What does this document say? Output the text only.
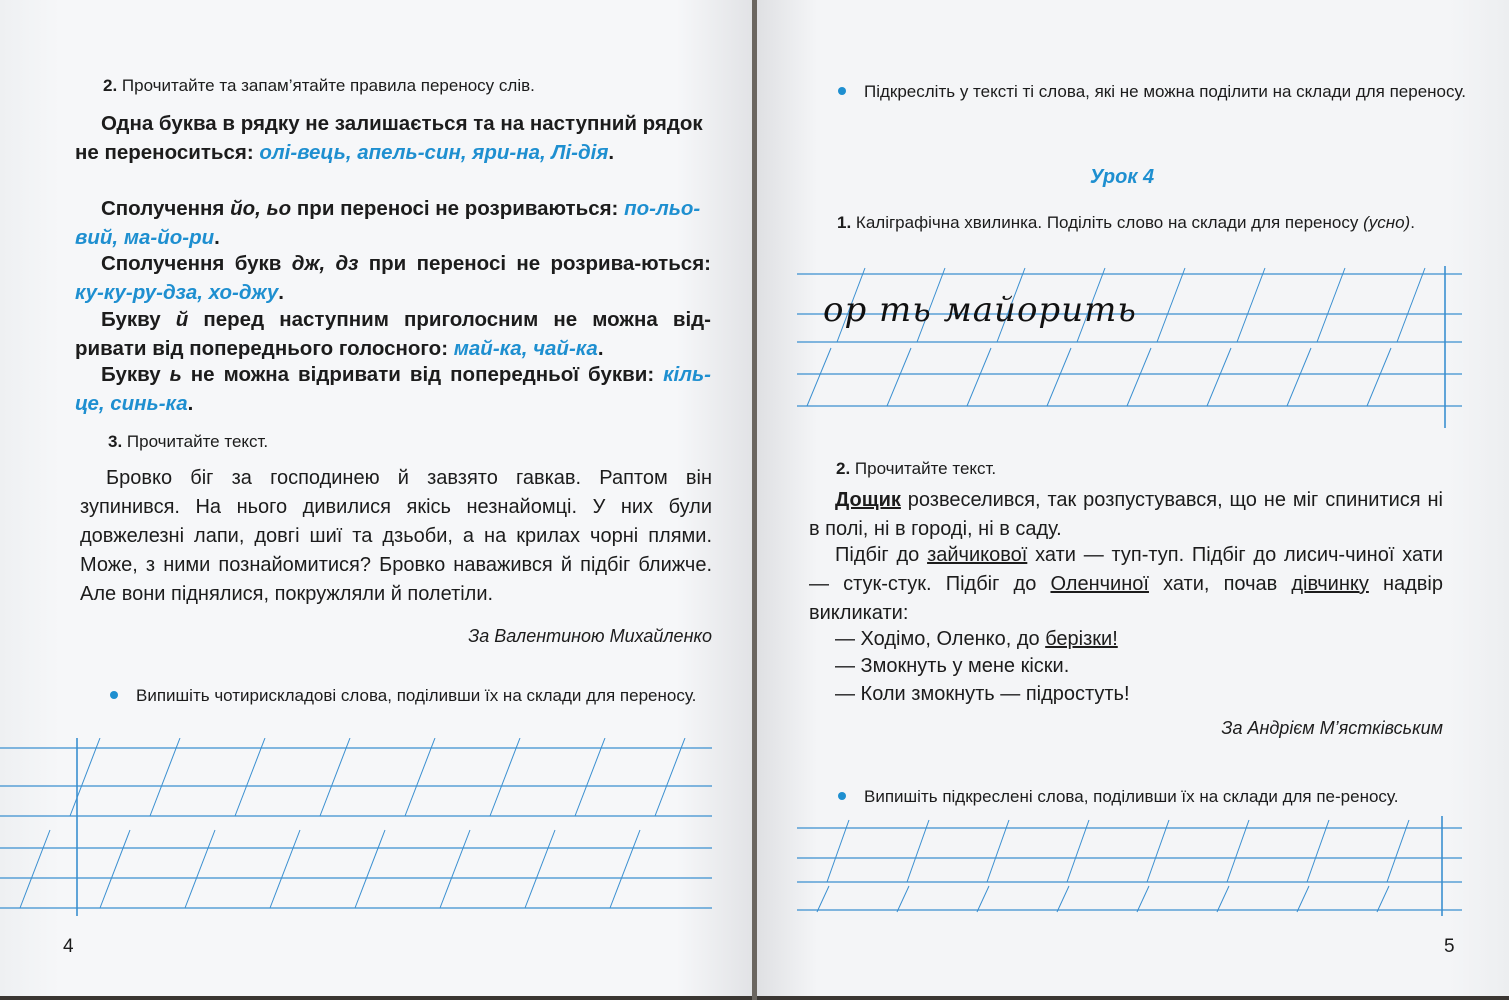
2. Прочитайте та запам’ятайте правила переносу слів.
Одна буква в рядку не залишається та на наступний рядок не переноситься: олі-вець, апель-син, яри-на, Лі-дія.
Сполучення йо, ьо при переносі не розриваються: по-льо-вий, ма-йо-ри.
Сполучення букв дж, дз при переносі не розрива-ються: ку-ку-ру-дза, хо-джу.
Букву й перед наступним приголосним не можна від-ривати від попереднього голосного: май-ка, чай-ка.
Букву ь не можна відривати від попередньої букви: кіль-це, синь-ка.
3. Прочитайте текст.
Бровко біг за господинею й завзято гавкав. Раптом він зупинився. На нього дивилися якісь незнайомці. У них були довжелезні лапи, довгі шиї та дзьоби, а на крилах чорні плями. Може, з ними познайомитися? Бровко наважився й підбіг ближче. Але вони піднялися, покружляли й полетіли.
За Валентиною Михайленко
Випишіть чотирискладові слова, поділивши їх на склади для переносу.
4
Підкресліть у тексті ті слова, які не можна поділити на склади для переносу.
Урок 4
1. Каліграфічна хвилинка. Поділіть слово на склади для переносу (усно).
ор ть майорить
2. Прочитайте текст.
Дощик розвеселився, так розпустувався, що не міг спинитися ні в полі, ні в городі, ні в саду.
Підбіг до зайчикової хати — туп-туп. Підбіг до лисич-чиної хати — стук-стук. Підбіг до Оленчиної хати, почав дівчинку надвір викликати:
— Ходімо, Оленко, до берізки!
— Змокнуть у мене кіски.
— Коли змокнуть — підростуть!
За Андрієм М’ястківським
Випишіть підкреслені слова, поділивши їх на склади для пе-реносу.
5
